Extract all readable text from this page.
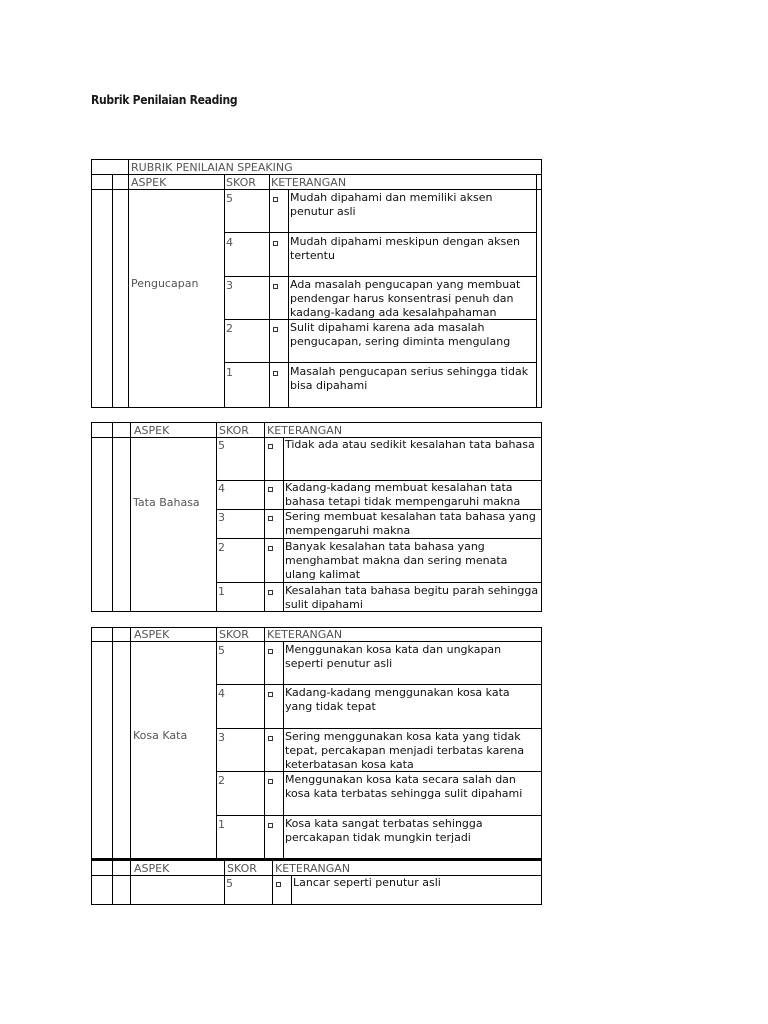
Rubrik Penilaian Reading
RUBRIK PENILAIAN SPEAKING
ASPEK	SKOR KETERANGAN
Pengucapan
5	Mudah dipahami dan memiliki aksen penutur asli
4	Mudah dipahami meskipun dengan aksen tertentu
3	Ada masalah pengucapan yang membuat pendengar harus konsentrasi penuh dan kadang-kadang ada kesalahpahaman
2	Sulit dipahami karena ada masalah pengucapan, sering diminta mengulang
1	Masalah pengucapan serius sehingga tidak bisa dipahami
ASPEK	SKOR KETERANGAN
Tata Bahasa
5	Tidak ada atau sedikit kesalahan tata bahasa
4	Kadang-kadang membuat kesalahan tata bahasa tetapi tidak mempengaruhi makna
3	Sering membuat kesalahan tata bahasa yang mempengaruhi makna
2	Banyak kesalahan tata bahasa yang menghambat makna dan sering menata ulang kalimat
1	Kesalahan tata bahasa begitu parah sehingga sulit dipahami
ASPEK	SKOR KETERANGAN
Kosa Kata
5	Menggunakan kosa kata dan ungkapan seperti penutur asli
4	Kadang-kadang menggunakan kosa kata yang tidak tepat
3	Sering menggunakan kosa kata yang tidak tepat, percakapan menjadi terbatas karena keterbatasan kosa kata
2	Menggunakan kosa kata secara salah dan kosa kata terbatas sehingga sulit dipahami
1	Kosa kata sangat terbatas sehingga percakapan tidak mungkin terjadi
ASPEK	SKOR KETERANGAN
5	Lancar seperti penutur asli
